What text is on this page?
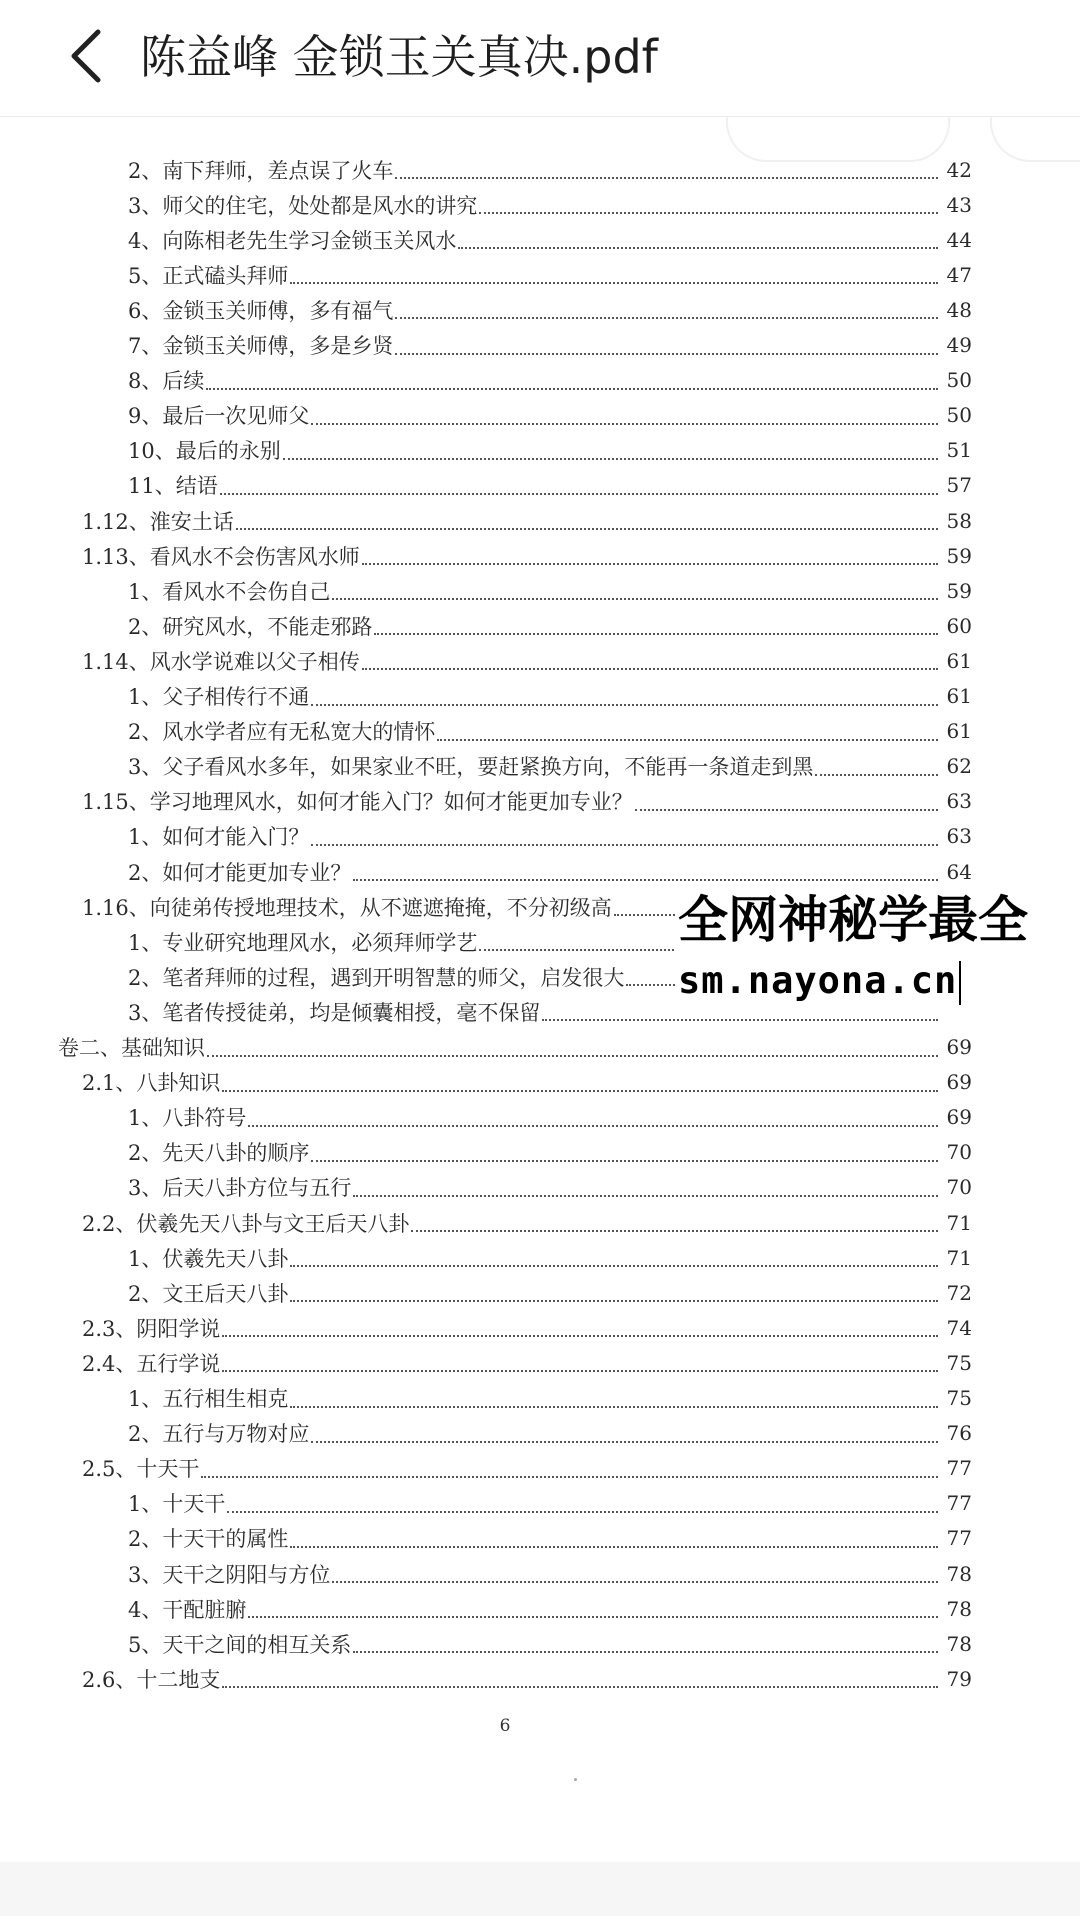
陈益峰 金锁玉关真决.pdf
2、南下拜师，差点误了火车	42
3、师父的住宅，处处都是风水的讲究	43
4、向陈相老先生学习金锁玉关风水	44
5、正式磕头拜师	47
6、金锁玉关师傅，多有福气	48
7、金锁玉关师傅，多是乡贤	49
8、后续	50
9、最后一次见师父	50
10、最后的永别	51
11、结语	57
1.12、淮安土话	58
1.13、看风水不会伤害风水师	59
1、看风水不会伤自己	59
2、研究风水，不能走邪路	60
1.14、风水学说难以父子相传	61
1、父子相传行不通	61
2、风水学者应有无私宽大的情怀	61
3、父子看风水多年，如果家业不旺，要赶紧换方向，不能再一条道走到黑	62
1.15、学习地理风水，如何才能入门？如何才能更加专业？	63
1、如何才能入门？	63
2、如何才能更加专业？	64
1.16、向徒弟传授地理技术，从不遮遮掩掩，不分初级高
1、专业研究地理风水，必须拜师学艺
2、笔者拜师的过程，遇到开明智慧的师父，启发很大
3、笔者传授徒弟，均是倾囊相授，毫不保留
卷二、基础知识	69
2.1、八卦知识	69
1、八卦符号	69
2、先天八卦的顺序	70
3、后天八卦方位与五行	70
2.2、伏羲先天八卦与文王后天八卦	71
1、伏羲先天八卦	71
2、文王后天八卦	72
2.3、阴阳学说	74
2.4、五行学说	75
1、五行相生相克	75
2、五行与万物对应	76
2.5、十天干	77
1、十天干	77
2、十天干的属性	77
3、天干之阴阳与方位	78
4、干配脏腑	78
5、天干之间的相互关系	78
2.6、十二地支	79
6
全网神秘学最全
sm.nayona.cn
